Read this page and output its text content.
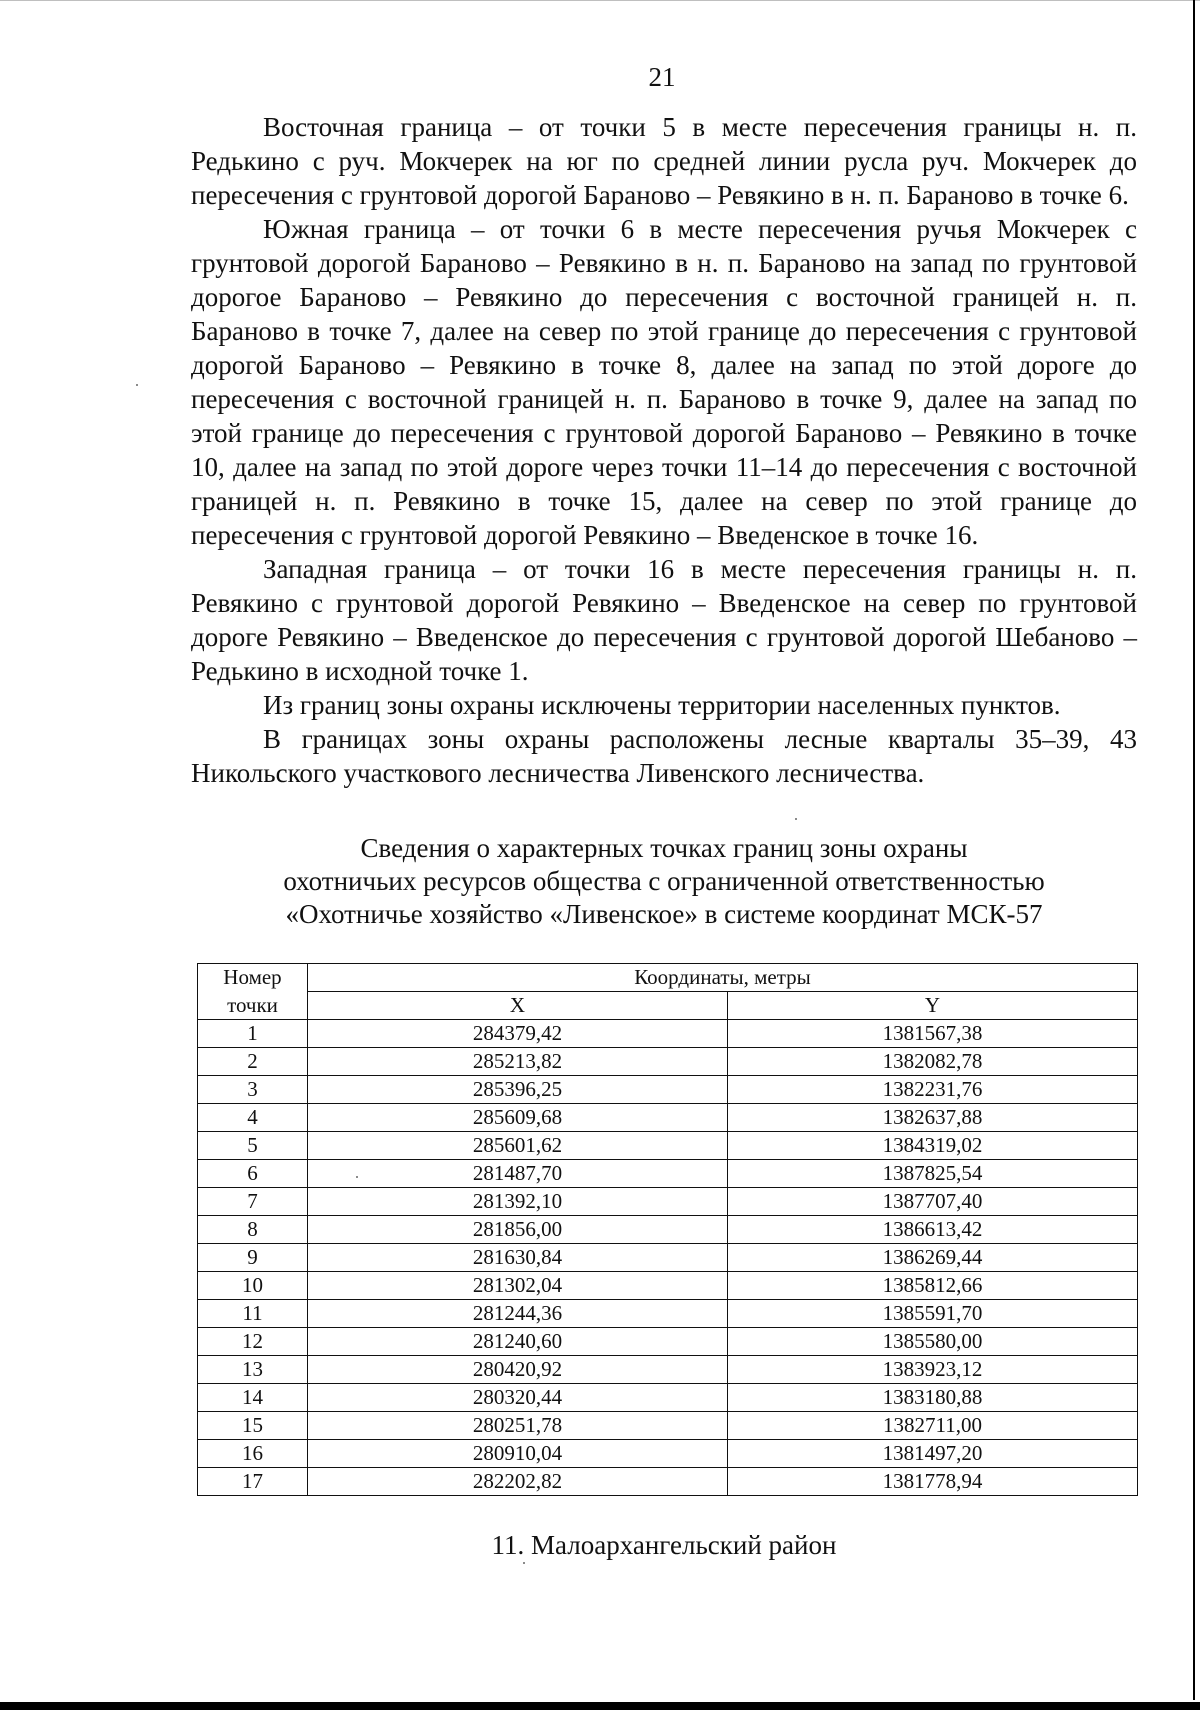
21

Восточная граница – от точки 5 в месте пересечения границы н. п. Редькино с руч. Мокчерек на юг по средней линии русла руч. Мокчерек до пересечения с грунтовой дорогой Бараново – Ревякино в н. п. Бараново в точке 6.

Южная граница – от точки 6 в месте пересечения ручья Мокчерек с грунтовой дорогой Бараново – Ревякино в н. п. Бараново на запад по грунтовой дорогое Бараново – Ревякино до пересечения с восточной границей н. п. Бараново в точке 7, далее на север по этой границе до пересечения с грунтовой дорогой Бараново – Ревякино в точке 8, далее на запад по этой дороге до пересечения с восточной границей н. п. Бараново в точке 9, далее на запад по этой границе до пересечения с грунтовой дорогой Бараново – Ревякино в точке 10, далее на запад по этой дороге через точки 11–14 до пересечения с восточной границей н. п. Ревякино в точке 15, далее на север по этой границе до пересечения с грунтовой дорогой Ревякино – Введенское в точке 16.

Западная граница – от точки 16 в месте пересечения границы н. п. Ревякино с грунтовой дорогой Ревякино – Введенское на север по грунтовой дороге Ревякино – Введенское до пересечения с грунтовой дорогой Шебаново – Редькино в исходной точке 1.

Из границ зоны охраны исключены территории населенных пунктов.

В границах зоны охраны расположены лесные кварталы 35–39, 43 Никольского участкового лесничества Ливенского лесничества.

Сведения о характерных точках границ зоны охраны
охотничьих ресурсов общества с ограниченной ответственностью
«Охотничье хозяйство «Ливенское» в системе координат МСК-57
Номер	Координаты, метры	
точки	X	Y
1	284379,42	1381567,38
2	285213,82	1382082,78
3	285396,25	1382231,76
4	285609,68	1382637,88
5	285601,62	1384319,02
6	281487,70	1387825,54
7	281392,10	1387707,40
8	281856,00	1386613,42
9	281630,84	1386269,44
10	281302,04	1385812,66
11	281244,36	1385591,70
12	281240,60	1385580,00
13	280420,92	1383923,12
14	280320,44	1383180,88
15	280251,78	1382711,00
16	280910,04	1381497,20
17	282202,82	1381778,94
11. Малоархангельский район
